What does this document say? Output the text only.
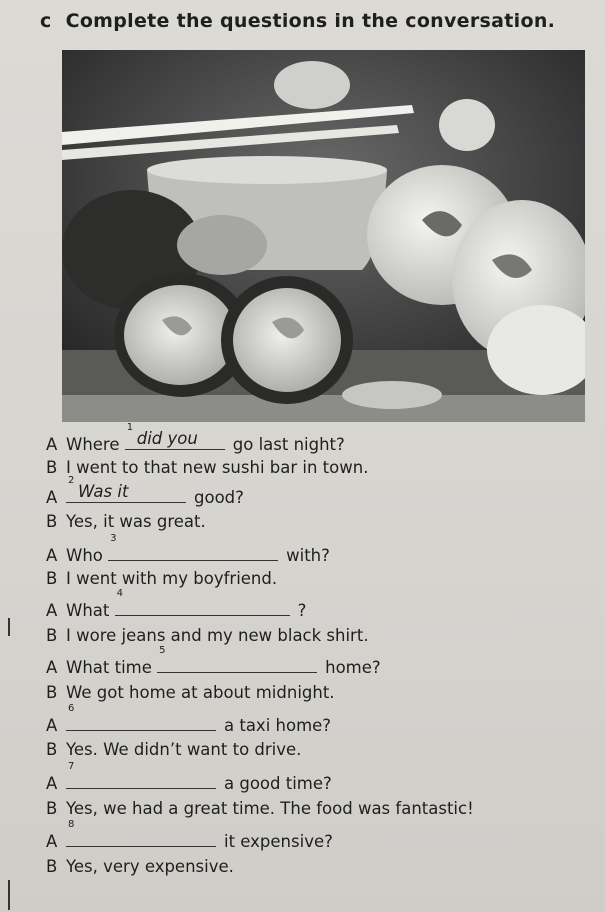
c Complete the questions in the conversation.
A Where
1
did you go last night?
B I went to that new sushi bar in town.
A
2
Was it	good?
B Yes, it was great.
A Who
3
with?
B I went with my boyfriend.
A What
4
?
B I wore jeans and my new black shirt.
A What time
5
home?
B We got home at about midnight.
A
6
a taxi home?
B Yes. We didn’t want to drive.
A
7
a good time?
B Yes, we had a great time. The food was fantastic!
A
8
it expensive?
B Yes, very expensive.
